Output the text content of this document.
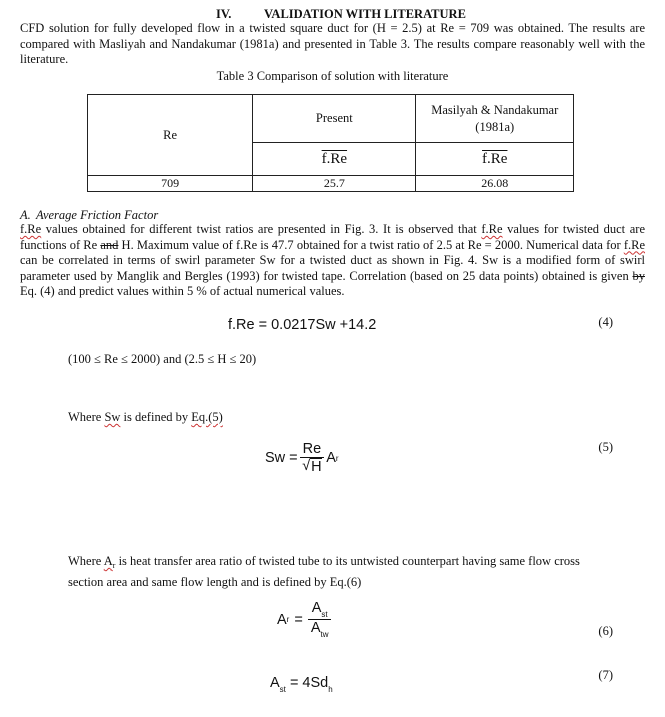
IV.	VALIDATION WITH LITERATURE
CFD solution for fully developed flow in a twisted square duct for (H = 2.5) at Re = 709 was obtained. The results are compared with Masliyah and Nandakumar (1981a) and presented in Table 3. The results compare reasonably well with the literature.
Table 3 Comparison of solution with literature
Re	Present	Masilyah & Nandakumar
(1981a)

	f.Re	f.Re
709	25.7	26.08
A. Average Friction Factor
f.Re values obtained for different twist ratios are presented in Fig. 3. It is observed that f.Re values for twisted duct are functions of Re and H. Maximum value of f.Re is 47.7 obtained for a twist ratio of 2.5 at Re = 2000. Numerical data for f.Re can be correlated in terms of swirl parameter Sw for a twisted duct as shown in Fig. 4. Sw is a modified form of swirl parameter used by Manglik and Bergles (1993) for twisted tape. Correlation (based on 25 data points) obtained is given by Eq. (4) and predict values within 5 % of actual numerical values.
f.Re = 0.0217Sw +14.2	(4)
(100 ≤ Re ≤ 2000) and (2.5 ≤ H ≤ 20)
Where Sw is defined by Eq.(5)
Sw =
Re
√ H
A r
(5)
Where $A_r$ is heat transfer area ratio of twisted tube to its untwisted counterpart having same flow cross
section area and same flow length and is defined by Eq.(6)
A r =
$A_{st}$
$A_{tw}$	(6)
$A_{st} = 4Sd_h$
(7)
